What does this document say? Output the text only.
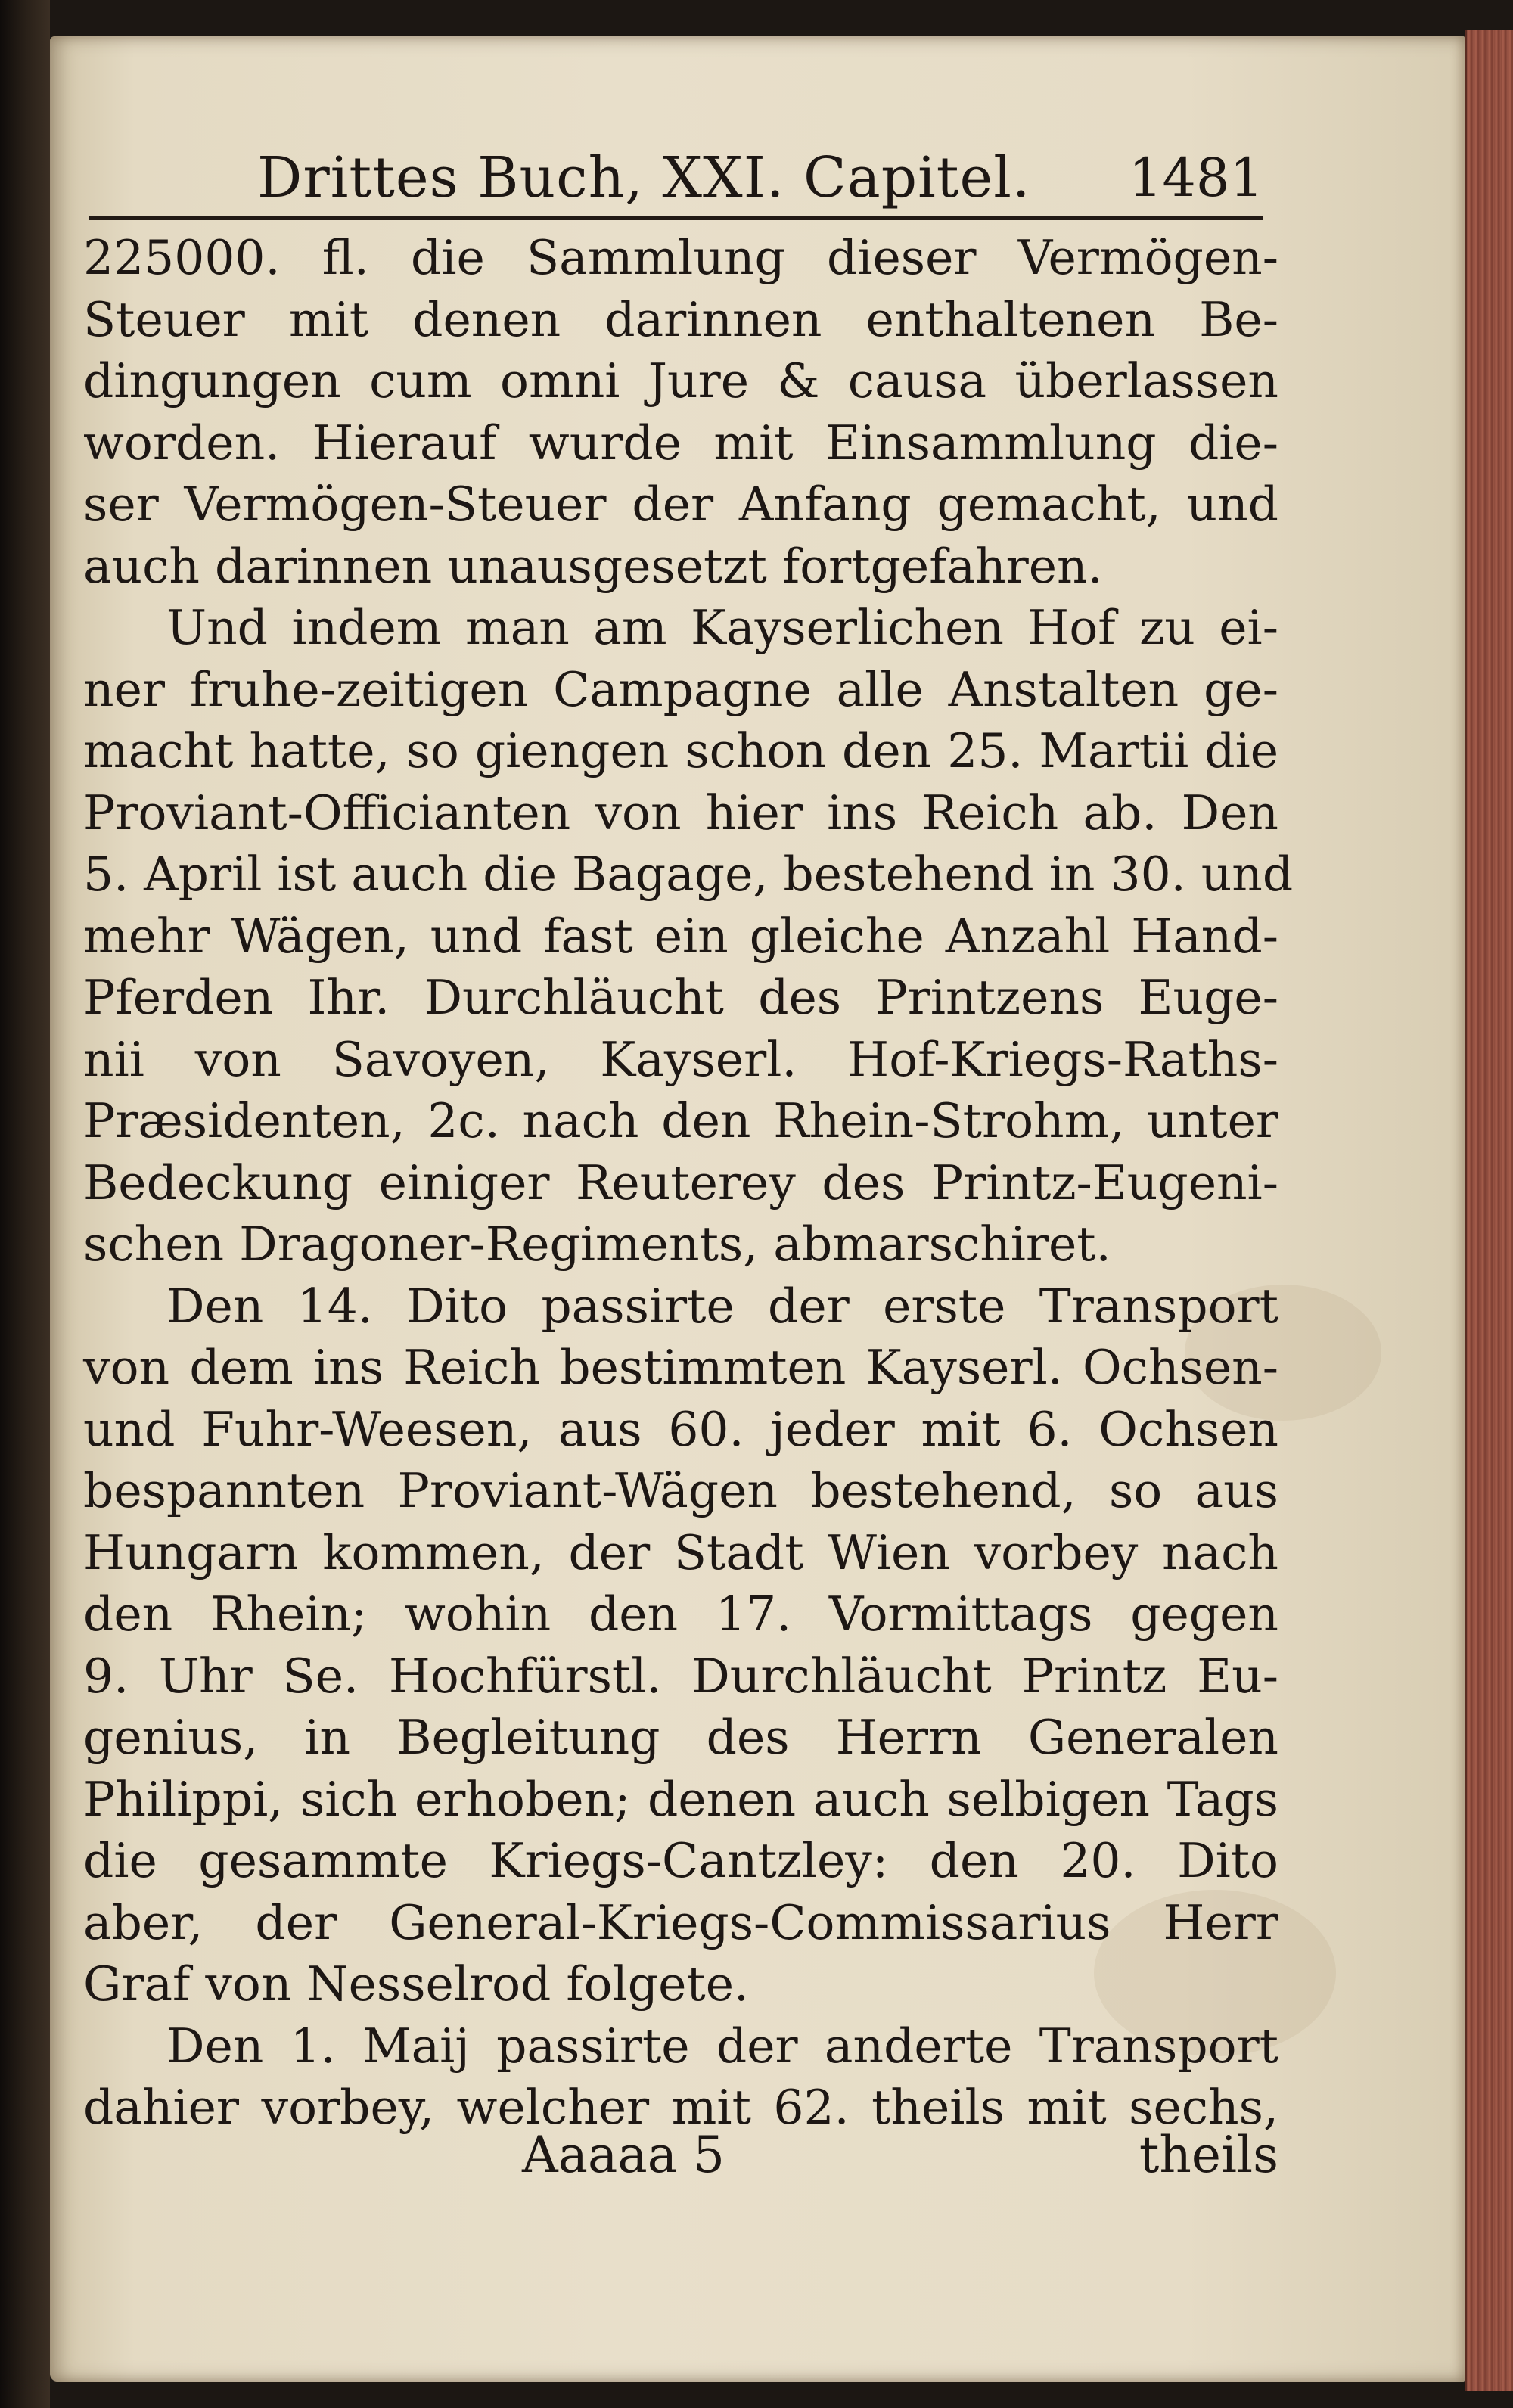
Drittes Buch, XXI. Capitel.	1481
225000. fl. die Sammlung dieser Vermögen-
Steuer mit denen darinnen enthaltenen Be-
dingungen cum omni Jure & causa überlassen
worden. Hierauf wurde mit Einsammlung die-
ser Vermögen-Steuer der Anfang gemacht, und
auch darinnen unausgesetzt fortgefahren.
Und indem man am Kayserlichen Hof zu ei-
ner fruhe-zeitigen Campagne alle Anstalten ge-
macht hatte, so giengen schon den 25. Martii die
Proviant-Officianten von hier ins Reich ab. Den
5. April ist auch die Bagage, bestehend in 30. und
mehr Wägen, und fast ein gleiche Anzahl Hand-
Pferden Ihr. Durchläucht des Printzens Euge-
nii von Savoyen, Kayserl. Hof-Kriegs-Raths-
Præsidenten, 2c. nach den Rhein-Strohm, unter
Bedeckung einiger Reuterey des Printz-Eugeni-
schen Dragoner-Regiments, abmarschiret.
Den 14. Dito passirte der erste Transport
von dem ins Reich bestimmten Kayserl. Ochsen-
und Fuhr-Weesen, aus 60. jeder mit 6. Ochsen
bespannten Proviant-Wägen bestehend, so aus
Hungarn kommen, der Stadt Wien vorbey nach
den Rhein; wohin den 17. Vormittags gegen
9. Uhr Se. Hochfürstl. Durchläucht Printz Eu-
genius, in Begleitung des Herrn Generalen
Philippi, sich erhoben; denen auch selbigen Tags
die gesammte Kriegs-Cantzley: den 20. Dito
aber, der General-Kriegs-Commissarius Herr
Graf von Nesselrod folgete.
Den 1. Maij passirte der anderte Transport
dahier vorbey, welcher mit 62. theils mit sechs,
Aaaaa 5	theils
